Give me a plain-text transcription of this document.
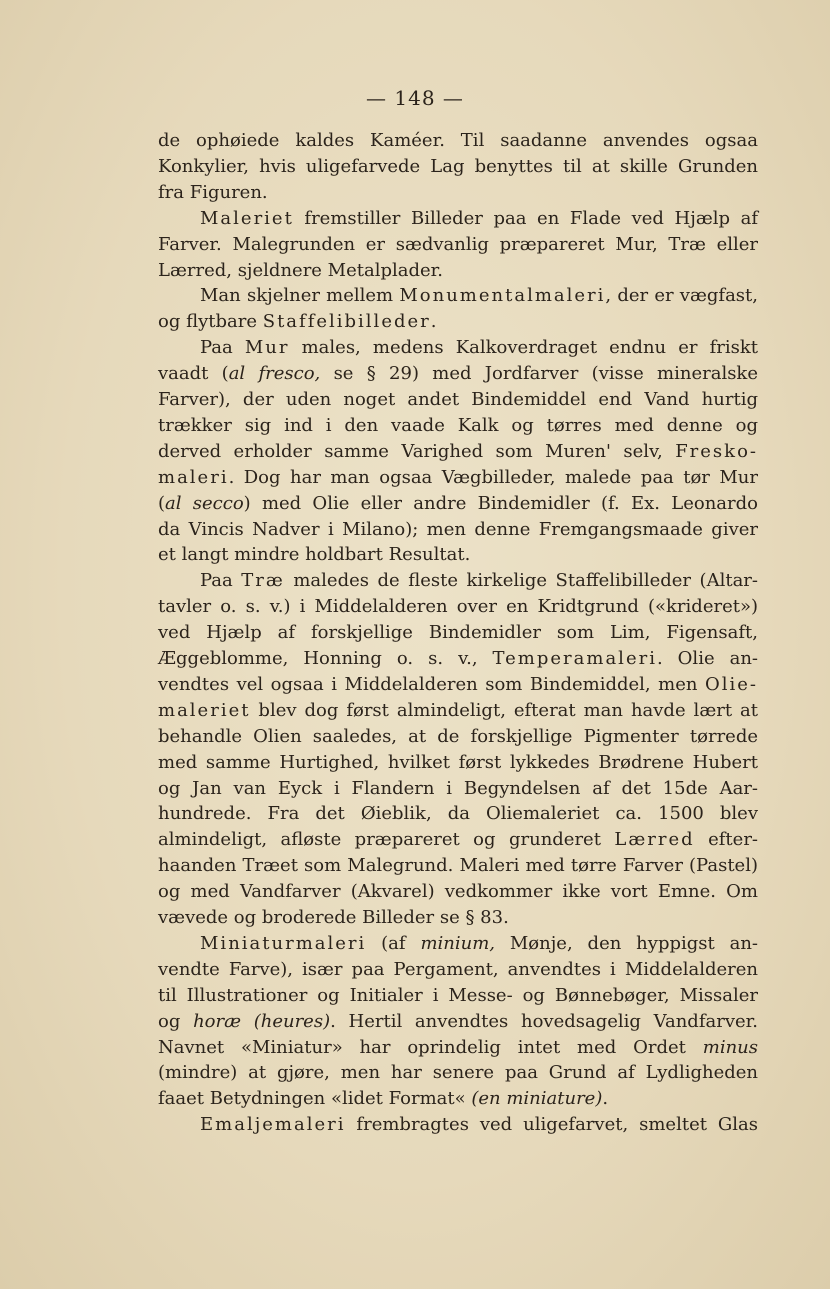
— 148 —
de ophøiede kaldes Kaméer. Til saadanne anvendes ogsaa
Konkylier, hvis uligefarvede Lag benyttes til at skille Grunden
fra Figuren.
Maleriet fremstiller Billeder paa en Flade ved Hjælp af
Farver. Malegrunden er sædvanlig præpareret Mur, Træ eller
Lærred, sjeldnere Metalplader.
Man skjelner mellem Monumentalmaleri, der er vægfast,
og flytbare Staffelibilleder.
Paa Mur males, medens Kalkoverdraget endnu er friskt
vaadt (al fresco, se § 29) med Jordfarver (visse mineralske
Farver), der uden noget andet Bindemiddel end Vand hurtig
trækker sig ind i den vaade Kalk og tørres med denne og
derved erholder samme Varighed som Muren' selv, Fresko-
maleri. Dog har man ogsaa Vægbilleder, malede paa tør Mur
(al secco) med Olie eller andre Bindemidler (f. Ex. Leonardo
da Vincis Nadver i Milano); men denne Fremgangsmaade giver
et langt mindre holdbart Resultat.
Paa Træ maledes de fleste kirkelige Staffelibilleder (Altar-
tavler o. s. v.) i Middelalderen over en Kridtgrund («krideret»)
ved Hjælp af forskjellige Bindemidler som Lim, Figensaft,
Æggeblomme, Honning o. s. v., Temperamaleri. Olie an-
vendtes vel ogsaa i Middelalderen som Bindemiddel, men Olie-
maleriet blev dog først almindeligt, efterat man havde lært at
behandle Olien saaledes, at de forskjellige Pigmenter tørrede
med samme Hurtighed, hvilket først lykkedes Brødrene Hubert
og Jan van Eyck i Flandern i Begyndelsen af det 15de Aar-
hundrede. Fra det Øieblik, da Oliemaleriet ca. 1500 blev
almindeligt, afløste præpareret og grunderet Lærred efter-
haanden Træet som Malegrund. Maleri med tørre Farver (Pastel)
og med Vandfarver (Akvarel) vedkommer ikke vort Emne. Om
vævede og broderede Billeder se § 83.
Miniaturmaleri (af minium, Mønje, den hyppigst an-
vendte Farve), især paa Pergament, anvendtes i Middelalderen
til Illustrationer og Initialer i Messe- og Bønnebøger, Missaler
og horæ (heures). Hertil anvendtes hovedsagelig Vandfarver.
Navnet «Miniatur» har oprindelig intet med Ordet minus
(mindre) at gjøre, men har senere paa Grund af Lydligheden
faaet Betydningen «lidet Format« (en miniature).
Emaljemaleri frembragtes ved uligefarvet, smeltet Glas
